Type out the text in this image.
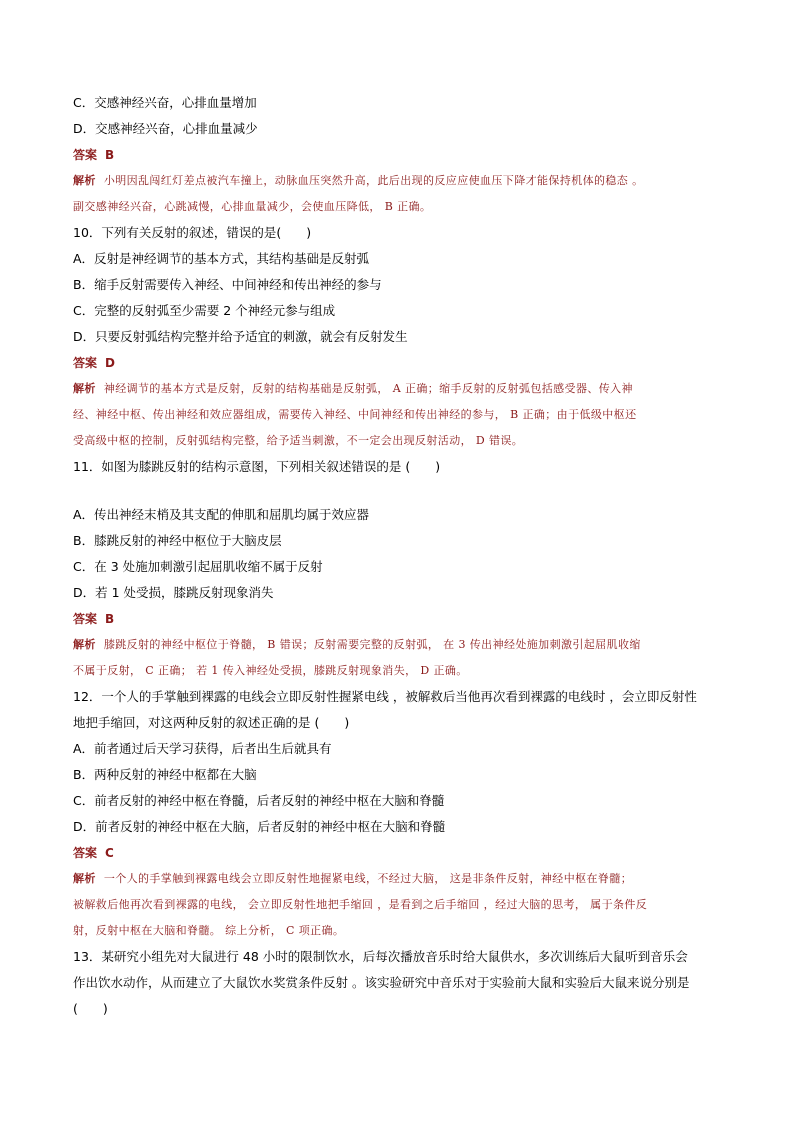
C．交感神经兴奋，心排血量增加
D．交感神经兴奋，心排血量减少
答案 B
解析 小明因乱闯红灯差点被汽车撞上，动脉血压突然升高，此后出现的反应应使血压下降才能保持机体的稳态 。
副交感神经兴奋，心跳减慢，心排血量减少，会使血压降低， B 正确。
10．下列有关反射的叙述，错误的是(　　)
A．反射是神经调节的基本方式，其结构基础是反射弧
B．缩手反射需要传入神经、中间神经和传出神经的参与
C．完整的反射弧至少需要 2 个神经元参与组成
D．只要反射弧结构完整并给予适宜的刺激，就会有反射发生
答案 D
解析 神经调节的基本方式是反射，反射的结构基础是反射弧， A 正确；缩手反射的反射弧包括感受器、传入神
经、神经中枢、传出神经和效应器组成，需要传入神经、中间神经和传出神经的参与， B 正确；由于低级中枢还
受高级中枢的控制，反射弧结构完整，给予适当刺激，不一定会出现反射活动， D 错误。
11．如图为膝跳反射的结构示意图，下列相关叙述错误的是 (　　)
A．传出神经末梢及其支配的伸肌和屈肌均属于效应器
B．膝跳反射的神经中枢位于大脑皮层
C．在 3 处施加刺激引起屈肌收缩不属于反射
D．若 1 处受损，膝跳反射现象消失
答案 B
解析 膝跳反射的神经中枢位于脊髓， B 错误；反射需要完整的反射弧， 在 3 传出神经处施加刺激引起屈肌收缩
不属于反射， C 正确； 若 1 传入神经处受损，膝跳反射现象消失， D 正确。
12．一个人的手掌触到裸露的电线会立即反射性握紧电线 ，被解救后当他再次看到裸露的电线时 ，会立即反射性
地把手缩回，对这两种反射的叙述正确的是 (　　)
A．前者通过后天学习获得，后者出生后就具有
B．两种反射的神经中枢都在大脑
C．前者反射的神经中枢在脊髓，后者反射的神经中枢在大脑和脊髓
D．前者反射的神经中枢在大脑，后者反射的神经中枢在大脑和脊髓
答案 C
解析 一个人的手掌触到裸露电线会立即反射性地握紧电线，不经过大脑， 这是非条件反射，神经中枢在脊髓；
被解救后他再次看到裸露的电线， 会立即反射性地把手缩回 ，是看到之后手缩回 ，经过大脑的思考， 属于条件反
射，反射中枢在大脑和脊髓。 综上分析， C 项正确。
13．某研究小组先对大鼠进行 48 小时的限制饮水，后每次播放音乐时给大鼠供水，多次训练后大鼠听到音乐会
作出饮水动作，从而建立了大鼠饮水奖赏条件反射 。该实验研究中音乐对于实验前大鼠和实验后大鼠来说分别是
(　　)
